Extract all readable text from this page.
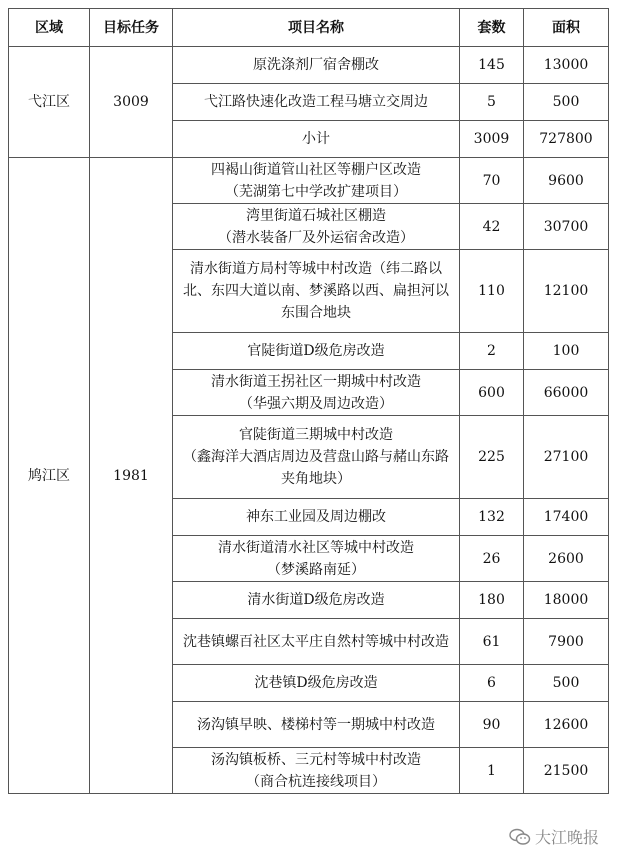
区域	目标任务	项目名称	套数	面积
弋江区	3009	原洗涤剂厂宿舍棚改	145	13000
		弋江路快速化改造工程马塘立交周边	5	500
		小计	3009	727800
鸠江区	1981	四褐山街道管山社区等棚户区改造
（芜湖第七中学改扩建项目）	70	9600
		湾里街道石城社区棚造
（潜水装备厂及外运宿舍改造）	42	30700
		清水街道方局村等城中村改造（纬二路以北、东四大道以南、梦溪路以西、扁担河以东围合地块	110	12100
		官陡街道D级危房改造	2	100
		清水街道王拐社区一期城中村改造
（华强六期及周边改造）	600	66000
		官陡街道三期城中村改造
（鑫海洋大酒店周边及营盘山路与赭山东路夹角地块）	225	27100
		神东工业园及周边棚改	132	17400
		清水街道清水社区等城中村改造
（梦溪路南延）	26	2600
		清水街道D级危房改造	180	18000
		沈巷镇螺百社区太平庄自然村等城中村改造	61	7900
		沈巷镇D级危房改造	6	500
		汤沟镇早映、楼梯村等一期城中村改造	90	12600
		汤沟镇板桥、三元村等城中村改造
（商合杭连接线项目）	1	21500
大江晚报
